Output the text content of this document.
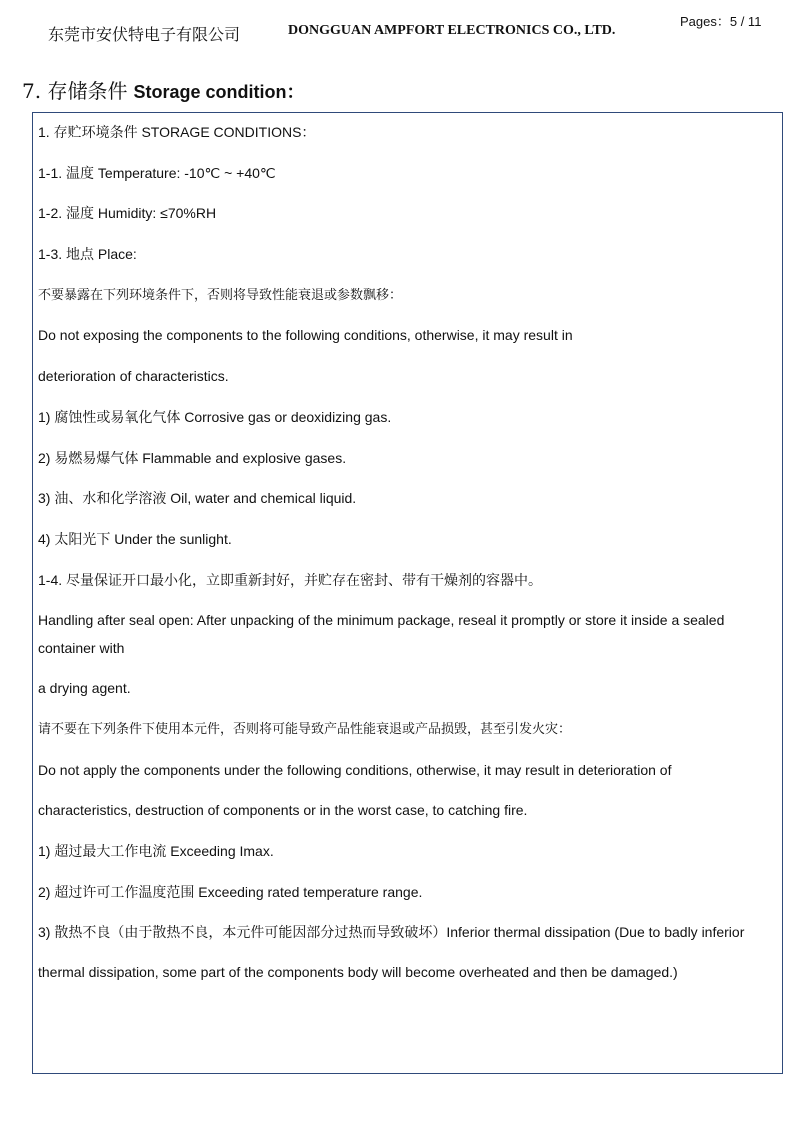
东莞市安伏特电子有限公司	DONGGUAN AMPFORT ELECTRONICS CO., LTD.
Pages：5 / 11
7. 存储条件 Storage condition：
1. 存贮环境条件 STORAGE CONDITIONS：
1-1. 温度 Temperature: -10℃ ~ +40℃
1-2. 湿度 Humidity: ≤70%RH
1-3. 地点 Place:
不要暴露在下列环境条件下，否则将导致性能衰退或参数飘移：
Do not exposing the components to the following conditions, otherwise, it may result in
deterioration of characteristics.
1) 腐蚀性或易氧化气体 Corrosive gas or deoxidizing gas.
2) 易燃易爆气体 Flammable and explosive gases.
3) 油、水和化学溶液 Oil, water and chemical liquid.
4) 太阳光下 Under the sunlight.
1-4. 尽量保证开口最小化，立即重新封好，并贮存在密封、带有干燥剂的容器中。
Handling after seal open: After unpacking of the minimum package, reseal it promptly or store it inside a sealed container with
a drying agent.
请不要在下列条件下使用本元件，否则将可能导致产品性能衰退或产品损毁，甚至引发火灾：
Do not apply the components under the following conditions, otherwise, it may result in deterioration of
characteristics, destruction of components or in the worst case, to catching fire.
1) 超过最大工作电流 Exceeding Imax.
2) 超过许可工作温度范围 Exceeding rated temperature range.
3) 散热不良（由于散热不良，本元件可能因部分过热而导致破坏）Inferior thermal dissipation (Due to badly inferior
thermal dissipation, some part of the components body will become overheated and then be damaged.)
